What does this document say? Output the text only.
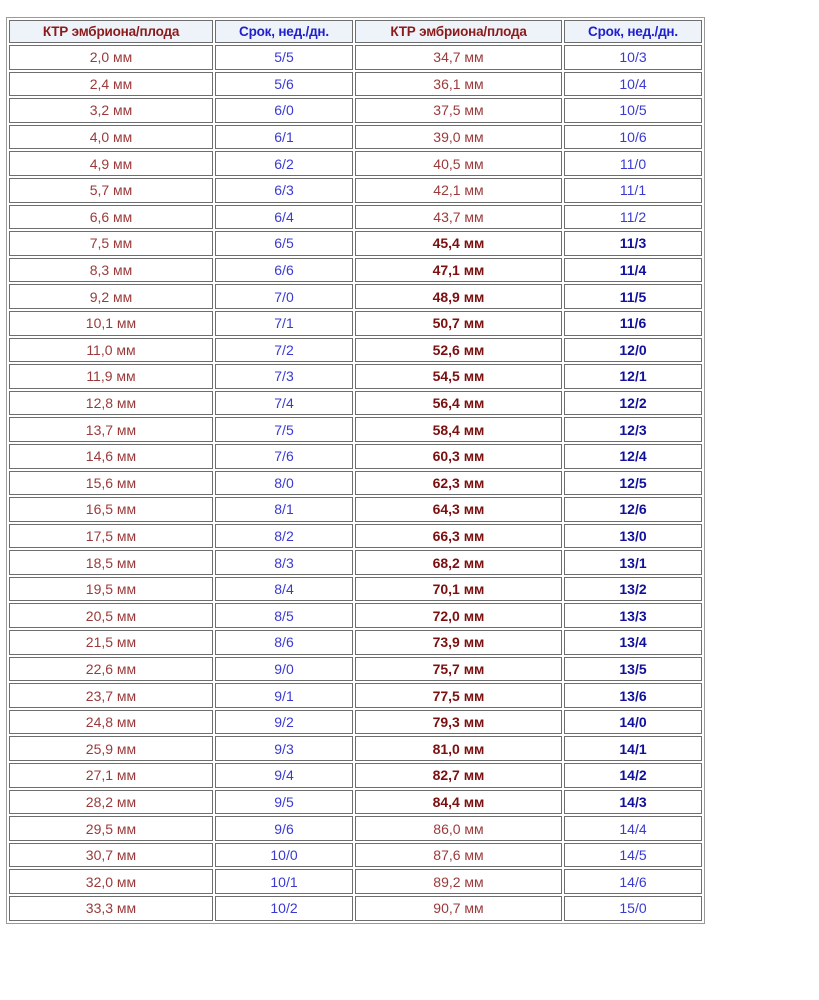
КТР эмбриона/плода	Срок, нед./дн.	КТР эмбриона/плода	Срок, нед./дн.
2,0 мм	5/5	34,7 мм	10/3
2,4 мм	5/6	36,1 мм	10/4
3,2 мм	6/0	37,5 мм	10/5
4,0 мм	6/1	39,0 мм	10/6
4,9 мм	6/2	40,5 мм	11/0
5,7 мм	6/3	42,1 мм	11/1
6,6 мм	6/4	43,7 мм	11/2
7,5 мм	6/5	45,4 мм	11/3
8,3 мм	6/6	47,1 мм	11/4
9,2 мм	7/0	48,9 мм	11/5
10,1 мм	7/1	50,7 мм	11/6
11,0 мм	7/2	52,6 мм	12/0
11,9 мм	7/3	54,5 мм	12/1
12,8 мм	7/4	56,4 мм	12/2
13,7 мм	7/5	58,4 мм	12/3
14,6 мм	7/6	60,3 мм	12/4
15,6 мм	8/0	62,3 мм	12/5
16,5 мм	8/1	64,3 мм	12/6
17,5 мм	8/2	66,3 мм	13/0
18,5 мм	8/3	68,2 мм	13/1
19,5 мм	8/4	70,1 мм	13/2
20,5 мм	8/5	72,0 мм	13/3
21,5 мм	8/6	73,9 мм	13/4
22,6 мм	9/0	75,7 мм	13/5
23,7 мм	9/1	77,5 мм	13/6
24,8 мм	9/2	79,3 мм	14/0
25,9 мм	9/3	81,0 мм	14/1
27,1 мм	9/4	82,7 мм	14/2
28,2 мм	9/5	84,4 мм	14/3
29,5 мм	9/6	86,0 мм	14/4
30,7 мм	10/0	87,6 мм	14/5
32,0 мм	10/1	89,2 мм	14/6
33,3 мм	10/2	90,7 мм	15/0
